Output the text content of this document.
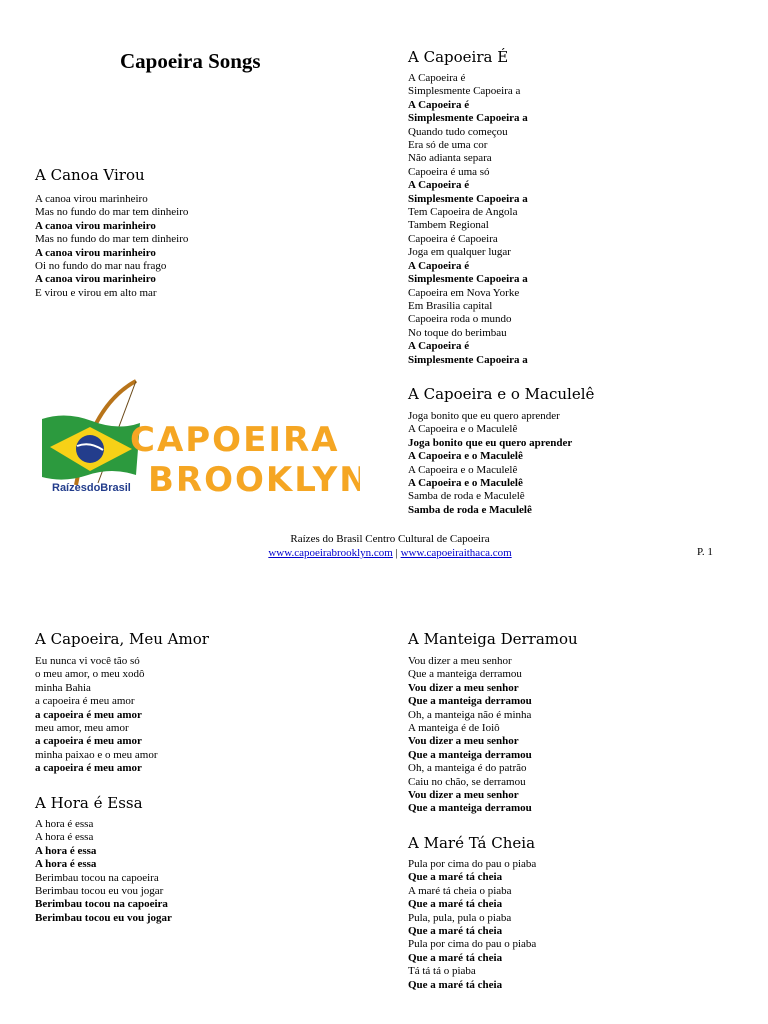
Capoeira Songs
A Canoa Virou
A canoa virou marinheiro
Mas no fundo do mar tem dinheiro
A canoa virou marinheiro
Mas no fundo do mar tem dinheiro
A canoa virou marinheiro
Oi no fundo do mar nau frago
A canoa virou marinheiro
E virou e virou em alto mar
A Capoeira É
A Capoeira é
Simplesmente Capoeira a
A Capoeira é
Simplesmente Capoeira a
Quando tudo começou
Era só de uma cor
Não adianta separa
Capoeira é uma só
A Capoeira é
Simplesmente Capoeira a
Tem Capoeira de Angola
Tambem Regional
Capoeira é Capoeira
Joga em qualquer lugar
A Capoeira é
Simplesmente Capoeira a
Capoeira em Nova Yorke
Em Brasilia capital
Capoeira roda o mundo
No toque do berimbau
A Capoeira é
Simplesmente Capoeira a
A Capoeira e o Maculelê
Joga bonito que eu quero aprender
A Capoeira e o Maculelê
Joga bonito que eu quero aprender
A Capoeira e o Maculelê
A Capoeira e o Maculelê
A Capoeira e o Maculelê
Samba de roda e Maculelê
Samba de roda e Maculelê
RaízesdoBrasil
CAPOEIRA
BROOKLYN
Raízes do Brasil Centro Cultural de Capoeira
www.capoeirabrooklyn.com | www.capoeiraithaca.com	P. 1
A Capoeira, Meu Amor
Eu nunca vi você tão só
o meu amor, o meu xodô
minha Bahia
a capoeira é meu amor
a capoeira é meu amor
meu amor, meu amor
a capoeira é meu amor
minha paixao e o meu amor
a capoeira é meu amor
A Hora é Essa
A hora é essa
A hora é essa
A hora é essa
A hora é essa
Berimbau tocou na capoeira
Berimbau tocou eu vou jogar
Berimbau tocou na capoeira
Berimbau tocou eu vou jogar
A Manteiga Derramou
Vou dizer a meu senhor
Que a manteiga derramou
Vou dizer a meu senhor
Que a manteiga derramou
Oh, a manteiga não é minha
A manteiga é de Ioiô
Vou dizer a meu senhor
Que a manteiga derramou
Oh, a manteiga é do patrão
Caiu no chão, se derramou
Vou dizer a meu senhor
Que a manteiga derramou
A Maré Tá Cheia
Pula por cima do pau o piaba
Que a maré tá cheia
A maré tá cheia o piaba
Que a maré tá cheia
Pula, pula, pula o piaba
Que a maré tá cheia
Pula por cima do pau o piaba
Que a maré tá cheia
Tá tá tá o piaba
Que a maré tá cheia
